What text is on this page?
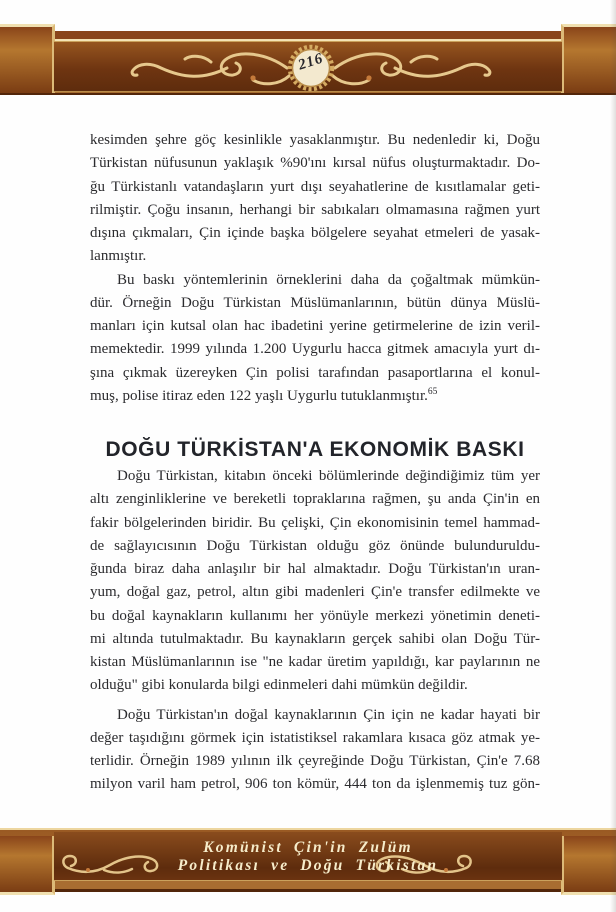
216
kesimden şehre göç kesinlikle yasaklanmıştır. Bu nedenledir ki, Doğu
Türkistan nüfusunun yaklaşık %90'ını kırsal nüfus oluşturmaktadır. Do-
ğu Türkistanlı vatandaşların yurt dışı seyahatlerine de kısıtlamalar geti-
rilmiştir. Çoğu insanın, herhangi bir sabıkaları olmamasına rağmen yurt
dışına çıkmaları, Çin içinde başka bölgelere seyahat etmeleri de yasak-
lanmıştır.
Bu baskı yöntemlerinin örneklerini daha da çoğaltmak mümkün-
dür. Örneğin Doğu Türkistan Müslümanlarının, bütün dünya Müslü-
manları için kutsal olan hac ibadetini yerine getirmelerine de izin veril-
memektedir. 1999 yılında 1.200 Uygurlu hacca gitmek amacıyla yurt dı-
şına çıkmak üzereyken Çin polisi tarafından pasaportlarına el konul-
muş, polise itiraz eden 122 yaşlı Uygurlu tutuklanmıştır.$^{65}$
DOĞU TÜRKİSTAN'A EKONOMİK BASKI
Doğu Türkistan, kitabın önceki bölümlerinde değindiğimiz tüm yer
altı zenginliklerine ve bereketli topraklarına rağmen, şu anda Çin'in en
fakir bölgelerinden biridir. Bu çelişki, Çin ekonomisinin temel hammad-
de sağlayıcısının Doğu Türkistan olduğu göz önünde bulunduruldu-
ğunda biraz daha anlaşılır bir hal almaktadır. Doğu Türkistan'ın uran-
yum, doğal gaz, petrol, altın gibi madenleri Çin'e transfer edilmekte ve
bu doğal kaynakların kullanımı her yönüyle merkezi yönetimin deneti-
mi altında tutulmaktadır. Bu kaynakların gerçek sahibi olan Doğu Tür-
kistan Müslümanlarının ise "ne kadar üretim yapıldığı, kar paylarının ne
olduğu" gibi konularda bilgi edinmeleri dahi mümkün değildir.
Doğu Türkistan'ın doğal kaynaklarının Çin için ne kadar hayati bir
değer taşıdığını görmek için istatistiksel rakamlara kısaca göz atmak ye-
terlidir. Örneğin 1989 yılının ilk çeyreğinde Doğu Türkistan, Çin'e 7.68
milyon varil ham petrol, 906 ton kömür, 444 ton da işlenmemiş tuz gön-
Komünist Çin'in Zulüm
Politikası ve Doğu Türkistan
